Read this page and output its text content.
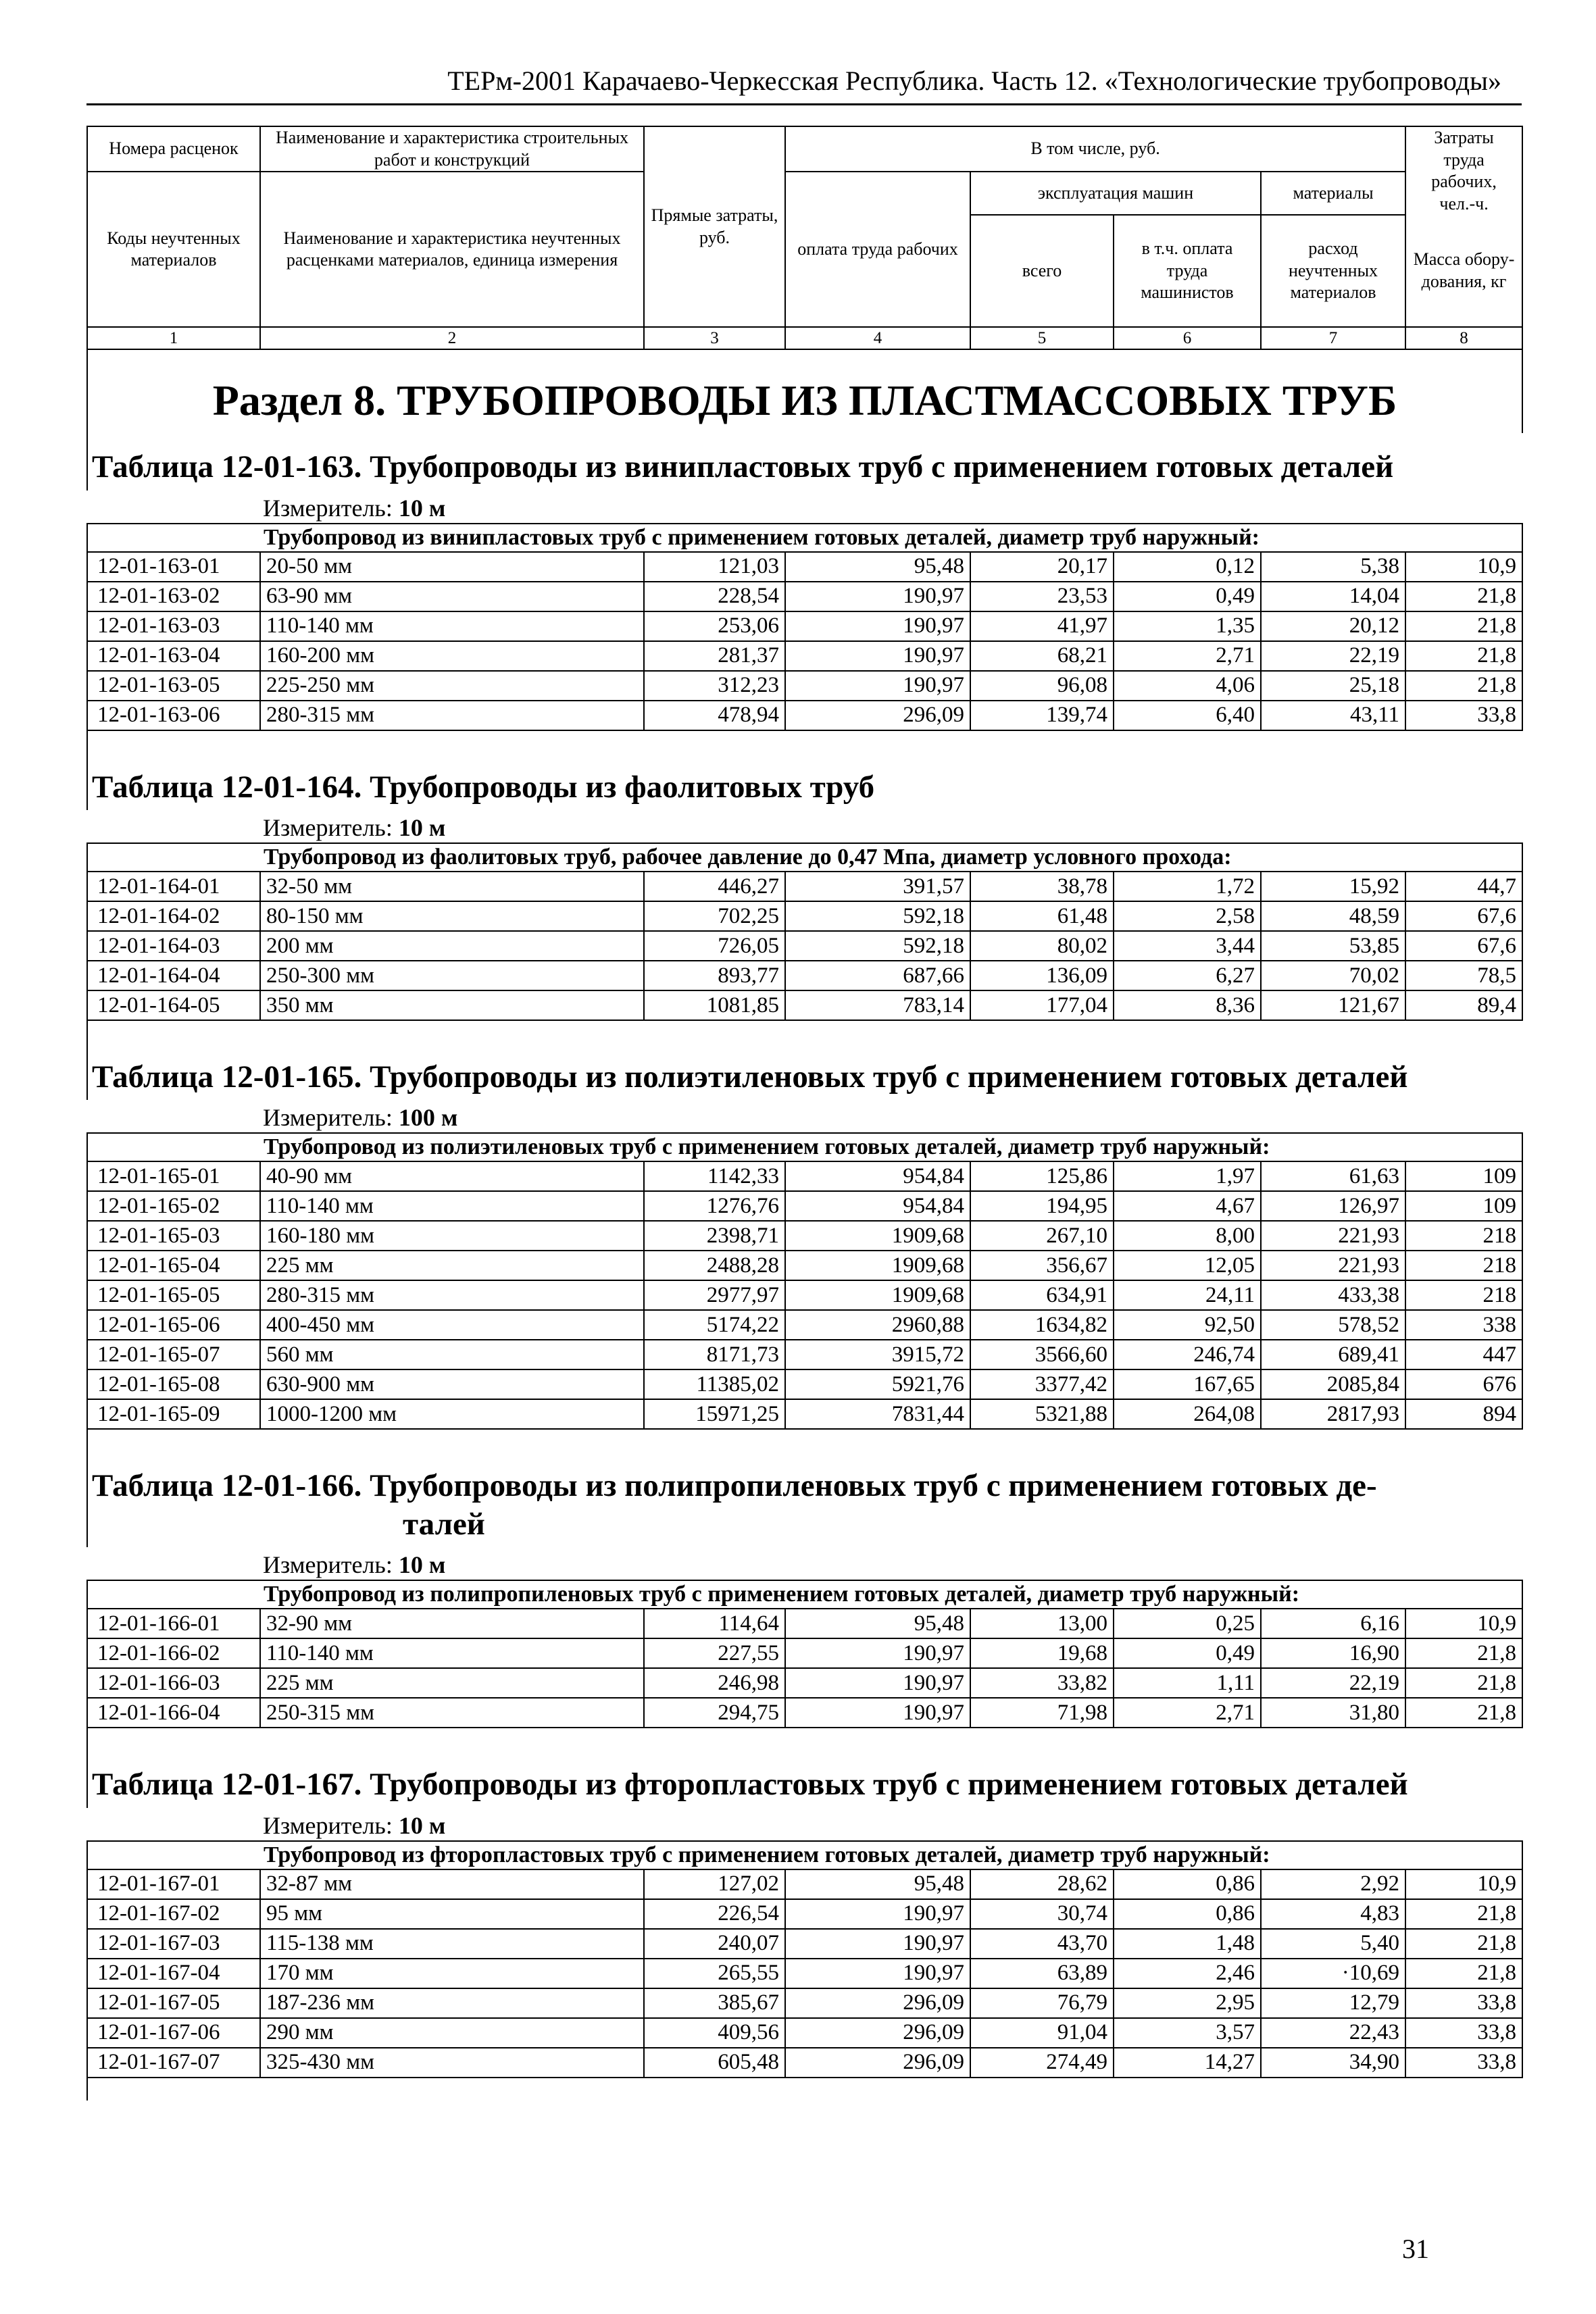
ТЕРм-2001 Карачаево-Черкесская Республика. Часть 12. «Технологические трубопроводы»
Номера расценок	Наименование и характеристика строительных работ и конструкций	Прямые затраты, руб.	В том числе, руб.				Затраты труда рабочих, чел.-ч.
Коды неучтенных материалов	Наименование и характеристика неучтенных расценками материалов, единица измерения		оплата труда рабочих	эксплуатация машин		материалы	
				всего	в т.ч. оплата труда машинистов	расход неучтенных материалов	Масса обору-дования, кг
1	2	3	4	5	6	7	8
Раздел 8. ТРУБОПРОВОДЫ ИЗ ПЛАСТМАССОВЫХ ТРУБ							
Таблица 12-01-163. Трубопроводы из винипластовых труб с применением готовых деталей							
Измеритель: 10 м							
Трубопровод из винипластовых труб с применением готовых деталей, диаметр труб наружный:							
12-01-163-01	20-50 мм	121,03	95,48	20,17	0,12	5,38	10,9
12-01-163-02	63-90 мм	228,54	190,97	23,53	0,49	14,04	21,8
12-01-163-03	110-140 мм	253,06	190,97	41,97	1,35	20,12	21,8
12-01-163-04	160-200 мм	281,37	190,97	68,21	2,71	22,19	21,8
12-01-163-05	225-250 мм	312,23	190,97	96,08	4,06	25,18	21,8
12-01-163-06	280-315 мм	478,94	296,09	139,74	6,40	43,11	33,8

Таблица 12-01-164. Трубопроводы из фаолитовых труб							
Измеритель: 10 м							
Трубопровод из фаолитовых труб, рабочее давление до 0,47 Мпа, диаметр условного прохода:							
12-01-164-01	32-50 мм	446,27	391,57	38,78	1,72	15,92	44,7
12-01-164-02	80-150 мм	702,25	592,18	61,48	2,58	48,59	67,6
12-01-164-03	200 мм	726,05	592,18	80,02	3,44	53,85	67,6
12-01-164-04	250-300 мм	893,77	687,66	136,09	6,27	70,02	78,5
12-01-164-05	350 мм	1081,85	783,14	177,04	8,36	121,67	89,4

Таблица 12-01-165. Трубопроводы из полиэтиленовых труб с применением готовых деталей							
Измеритель: 100 м							
Трубопровод из полиэтиленовых труб с применением готовых деталей, диаметр труб наружный:							
12-01-165-01	40-90 мм	1142,33	954,84	125,86	1,97	61,63	109
12-01-165-02	110-140 мм	1276,76	954,84	194,95	4,67	126,97	109
12-01-165-03	160-180 мм	2398,71	1909,68	267,10	8,00	221,93	218
12-01-165-04	225 мм	2488,28	1909,68	356,67	12,05	221,93	218
12-01-165-05	280-315 мм	2977,97	1909,68	634,91	24,11	433,38	218
12-01-165-06	400-450 мм	5174,22	2960,88	1634,82	92,50	578,52	338
12-01-165-07	560 мм	8171,73	3915,72	3566,60	246,74	689,41	447
12-01-165-08	630-900 мм	11385,02	5921,76	3377,42	167,65	2085,84	676
12-01-165-09	1000-1200 мм	15971,25	7831,44	5321,88	264,08	2817,93	894

Таблица 12-01-166. Трубопроводы из полипропиленовых труб с применением готовых де-
талей							

Измеритель: 10 м							
Трубопровод из полипропиленовых труб с применением готовых деталей, диаметр труб наружный:							
12-01-166-01	32-90 мм	114,64	95,48	13,00	0,25	6,16	10,9
12-01-166-02	110-140 мм	227,55	190,97	19,68	0,49	16,90	21,8
12-01-166-03	225 мм	246,98	190,97	33,82	1,11	22,19	21,8
12-01-166-04	250-315 мм	294,75	190,97	71,98	2,71	31,80	21,8

Таблица 12-01-167. Трубопроводы из фторопластовых труб с применением готовых деталей							
Измеритель: 10 м							
Трубопровод из фторопластовых труб с применением готовых деталей, диаметр труб наружный:							
12-01-167-01	32-87 мм	127,02	95,48	28,62	0,86	2,92	10,9
12-01-167-02	95 мм	226,54	190,97	30,74	0,86	4,83	21,8
12-01-167-03	115-138 мм	240,07	190,97	43,70	1,48	5,40	21,8
12-01-167-04	170 мм	265,55	190,97	63,89	2,46	·10,69	21,8
12-01-167-05	187-236 мм	385,67	296,09	76,79	2,95	12,79	33,8
12-01-167-06	290 мм	409,56	296,09	91,04	3,57	22,43	33,8
12-01-167-07	325-430 мм	605,48	296,09	274,49	14,27	34,90	33,8

31
